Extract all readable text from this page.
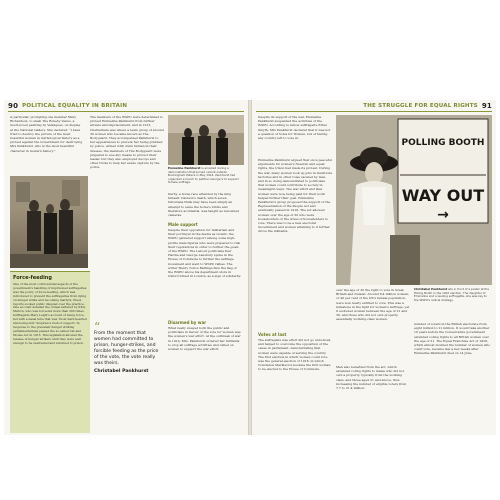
90 POLITICAL EQUALITY IN BRITAIN
is particular, prompting one member Mary Richardson, to slash The Rokeby Venus, a much-loved painting by Velázquez, on display at the National Gallery. She declared: “I have tried to destroy the picture of the most beautiful woman in mythological history as a protest against the Government for destroying Mrs Pankhurst, who is the most beautiful character in modern history.”
Force-feeding
One of the most controversial aspects of the government's handling of imprisoned suffragettes was the policy of force-feeding, which was introduced to prevent the suffragettes from dying on hunger strike and becoming martyrs. Press reports evoked public disquiet over the practice. One account detailed the ordeal suffered by Kitty Marion, who was force-fed more than 200 times. Suffragette Mary Leigh's account of being force-fed with a nasal tube that was "most hard-hearted and being sick" inspired a rush of support. In response to the prevalent hunger striking parliamentarians passed the so-called Cat and Mouse Act in 1913. This legislation allowed the release of hunger strikers until they were well enough to be rearrested and returned to prison.
The members of the WSPU were determined to protest Emmeline Pankhurst from further arrests and imprisonment, and in 1913, Cheltenham was where a team group of around 30 women who became known as The Bodyguard. They accompanied Pankhurst to her appearances to prevent her being grabbed by police. Armed with clubs hidden in their dresses, the members of The Bodyguard were prepared to use any means to protect their leader, but they also employed decoys and other tricks to help her evade capture by the police.
“
From the moment that women had committed to prison, hunger-strikes, and forcible feeding as the price of the vote, the vote really was theirs.
Christabel Pankhurst
Emmeline Pankhurst is arrested during a demonstration that turned violent outside Buckingham Palace in May 1914. Pankhurst had organized a march to petition George V to support female suffrage.
Derby, a horse race attended by the king himself. Davison's death, which seven historians think may have been simply an attempt to seize the horse's bridle and therefore accidental, was taught as renowned cameras.
Male support
Despite their opposition for militarism and their portrayal in the media as violent, the WSPU garnered support among some high-profile male figures who were prepared to risk their reputations in order to further the goals of the WSPU. The Labour politicians Keir Hardie and George Lansbury spoke in the House of Commons to further the suffrage movement and went to WSPU rallies. The writer Henry Torice Battings flew the flag of the WSPU above his department store in Oxford Street in London, as a sign of solidarity.
Disarmed by war
What really swayed both the public and politicians in favour of the vote for women was the women's war effort. At the outbreak of war in 1914, Mrs. Pankhurst ordered her militants to stop all suffrage activities and called on women to support the war effort.
THE STRUGGLE FOR EQUAL RIGHTS 91
Despite its support of the war, Emmeline Pankhurst suspended the activities of the WSPU. According to fellow suffragette Ethel Smyth, Mrs Pankhurst declared that it was not a question of Votes for Women, but of having any country left to vote in.
Emmeline Pankhurst argued that once peaceful arguments for women's freedom and equal rights, the Union had made its protest. During the war, many women took up jobs in munitions factories and in other roles vacated by men, and in so doing demonstrated to politicians that women could contribute to society in meaningful ways. The war effort and that women were now being paid for their work helped further their goal. Emmeline Pankhurst's group proposed the support of the Representation of the People Act and eventually passed in 1918. The act allowed women over the age of 30 who were householders or the wives of householders to vote. There was to be a new electoral Government and women attaining to it further drove the militants.
Votes at last
The suffragists was effort did not go unnoticed, and helped to overcome the opposition of the cause in parliament, demonstrating that women were capable of serving the country. The first election in which women could vote was the general election of 1918, in which Constance Markievicz became the first woman to be elected to the House of Commons.
POLLING BOOTH
WAY OUT
→
over the age of 30 the right to vote in Great Britain and Ireland. Around 8.4 million women, or 40 per cent of the UK's female population, were now newly entitled to vote. This was a milestone in the fight for women's suffrage, yet it excluded women between the age of 21 and 30, and those who did not own property, essentially working-class women.
Men also benefited from the act, which extended voting rights to males who did not own a property, typically from the working class, and those aged 21 and above, thus increasing the number of eligible voters from 7.7 to 21.4 million.
Christabel Pankhurst sits in front of a poster at the Polling Booth in the 1910 election. The daughter of Emmeline and a leading suffragette, she was key to the WSPU's radical strategy.
number of voters in the British electorate from eight million to 21 million. It would take another 10 years before the Conservative government extended voting rights to all British women over the age of 21. The Equal Franchise Act of 1928, which almost doubled the number of women who could vote, became law a few weeks after Emmeline Pankhurst died on 14 June.
